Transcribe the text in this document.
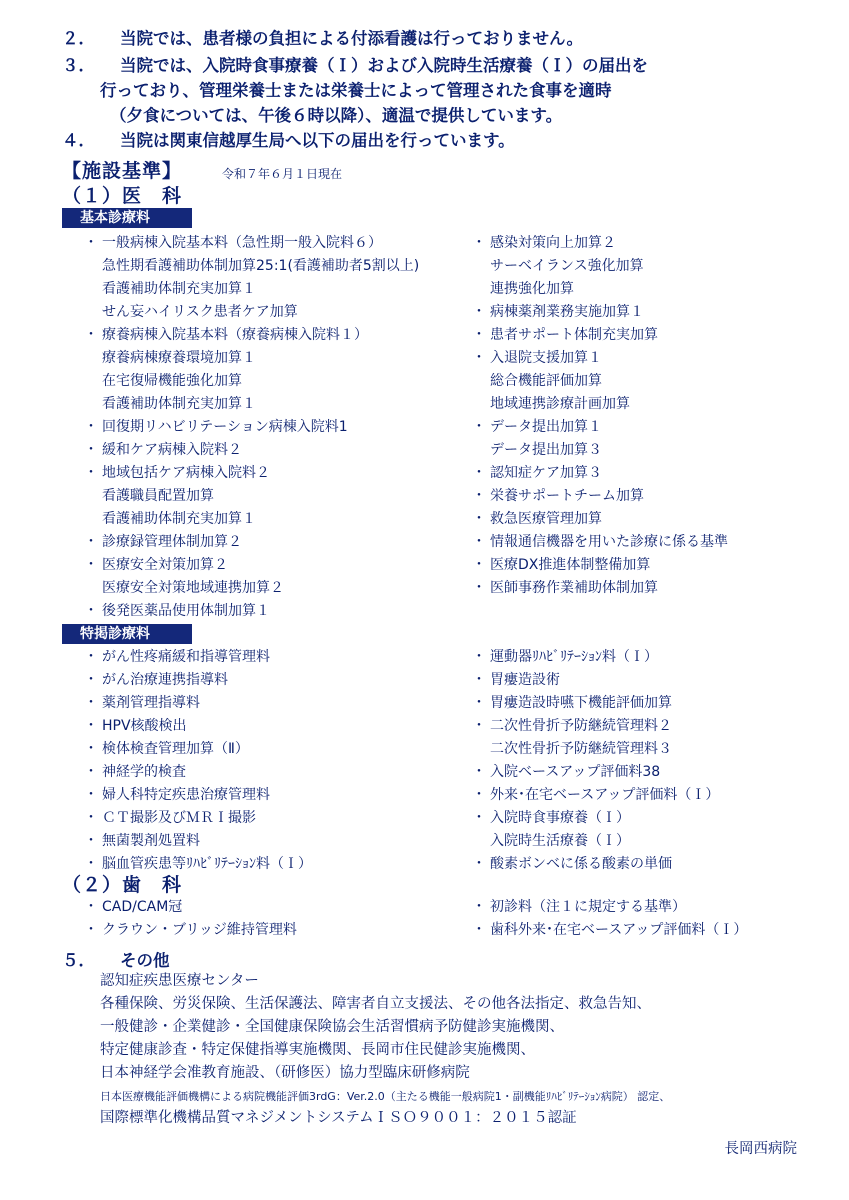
２． 当院では、患者様の負担による付添看護は行っておりません。
３． 当院では、入院時食事療養（Ｉ）および入院時生活療養（Ｉ）の届出を
行っており、管理栄養士または栄養士によって管理された食事を適時
（夕食については、午後６時以降）、適温で提供しています。
４． 当院は関東信越厚生局へ以下の届出を行っています。
【施設基準】	令和７年６月１日現在
（１）医　科
基本診療料
・ 一般病棟入院基本料（急性期一般入院料６）
急性期看護補助体制加算25:1(看護補助者5割以上)
看護補助体制充実加算１
せん妄ハイリスク患者ケア加算
・ 療養病棟入院基本料（療養病棟入院料１）
療養病棟療養環境加算１
在宅復帰機能強化加算
看護補助体制充実加算１
・ 回復期リハビリテーション病棟入院料1
・ 緩和ケア病棟入院料２
・ 地域包括ケア病棟入院料２
看護職員配置加算
看護補助体制充実加算１
・ 診療録管理体制加算２
・ 医療安全対策加算２
医療安全対策地域連携加算２
・ 後発医薬品使用体制加算１
・ 感染対策向上加算２
サーベイランス強化加算
連携強化加算
・ 病棟薬剤業務実施加算１
・ 患者サポート体制充実加算
・ 入退院支援加算１
総合機能評価加算
地域連携診療計画加算
・ データ提出加算１
データ提出加算３
・ 認知症ケア加算３
・ 栄養サポートチーム加算
・ 救急医療管理加算
・ 情報通信機器を用いた診療に係る基準
・ 医療DX推進体制整備加算
・ 医師事務作業補助体制加算
特掲診療料
・ がん性疼痛緩和指導管理料
・ がん治療連携指導料
・ 薬剤管理指導料
・ HPV核酸検出
・ 検体検査管理加算（Ⅱ）
・ 神経学的検査
・ 婦人科特定疾患治療管理料
・ ＣＴ撮影及びＭＲＩ撮影
・ 無菌製剤処置料
・ 脳血管疾患等ﾘﾊﾋﾞﾘﾃｰｼｮﾝ料（Ｉ）
・ 運動器ﾘﾊﾋﾞﾘﾃｰｼｮﾝ料（Ｉ）
・ 胃瘻造設術
・ 胃瘻造設時嚥下機能評価加算
・ 二次性骨折予防継続管理料２
二次性骨折予防継続管理料３
・ 入院ベースアップ評価料38
・ 外来･在宅ベースアップ評価料（Ｉ）
・ 入院時食事療養（Ｉ）
入院時生活療養（Ｉ）
・ 酸素ボンベに係る酸素の単価
（２）歯　科
・ CAD/CAM冠
・ クラウン・ブリッジ維持管理料
・ 初診料（注１に規定する基準）
・ 歯科外来･在宅ベースアップ評価料（Ｉ）
５． その他
認知症疾患医療センター
各種保険、労災保険、生活保護法、障害者自立支援法、その他各法指定、救急告知、
一般健診・企業健診・全国健康保険協会生活習慣病予防健診実施機関、
特定健康診査・特定保健指導実施機関、長岡市住民健診実施機関、
日本神経学会准教育施設、（研修医）協力型臨床研修病院
日本医療機能評価機構による病院機能評価3rdG：Ver.2.0（主たる機能一般病院1・副機能ﾘﾊﾋﾞﾘﾃｰｼｮﾝ病院） 認定、
国際標準化機構品質マネジメントシステムＩＳＯ９００１：２０１５認証
長岡西病院
